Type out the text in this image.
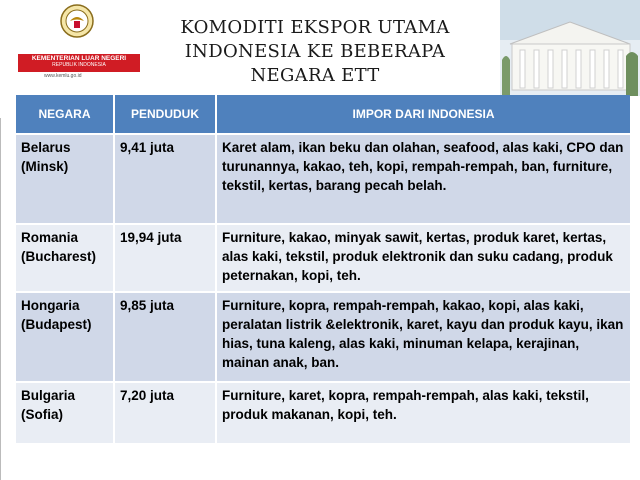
KEMENTERIAN LUAR NEGERI
REPUBLIK INDONESIA
www.kemlu.go.id
KOMODITI EKSPOR UTAMA
INDONESIA KE BEBERAPA
NEGARA ETT
NEGARA	PENDUDUK	IMPOR DARI INDONESIA

Belarus
(Minsk)	9,41 juta	Karet alam, ikan beku dan olahan, seafood, alas kaki, CPO dan turunannya, kakao, teh, kopi, rempah-rempah, ban, furniture, tekstil, kertas, barang pecah belah.

Romania
(Bucharest)	19,94 juta	Furniture, kakao, minyak sawit, kertas, produk karet, kertas, alas kaki, tekstil, produk elektronik dan suku cadang, produk peternakan, kopi, teh.

Hongaria
(Budapest)	9,85 juta	Furniture, kopra, rempah-rempah, kakao, kopi, alas kaki, peralatan listrik &elektronik, karet, kayu dan produk kayu, ikan hias, tuna kaleng, alas kaki, minuman kelapa, kerajinan, mainan anak, ban.

Bulgaria
(Sofia)	7,20 juta	Furniture, karet, kopra, rempah-rempah, alas kaki, tekstil, produk makanan, kopi, teh.
